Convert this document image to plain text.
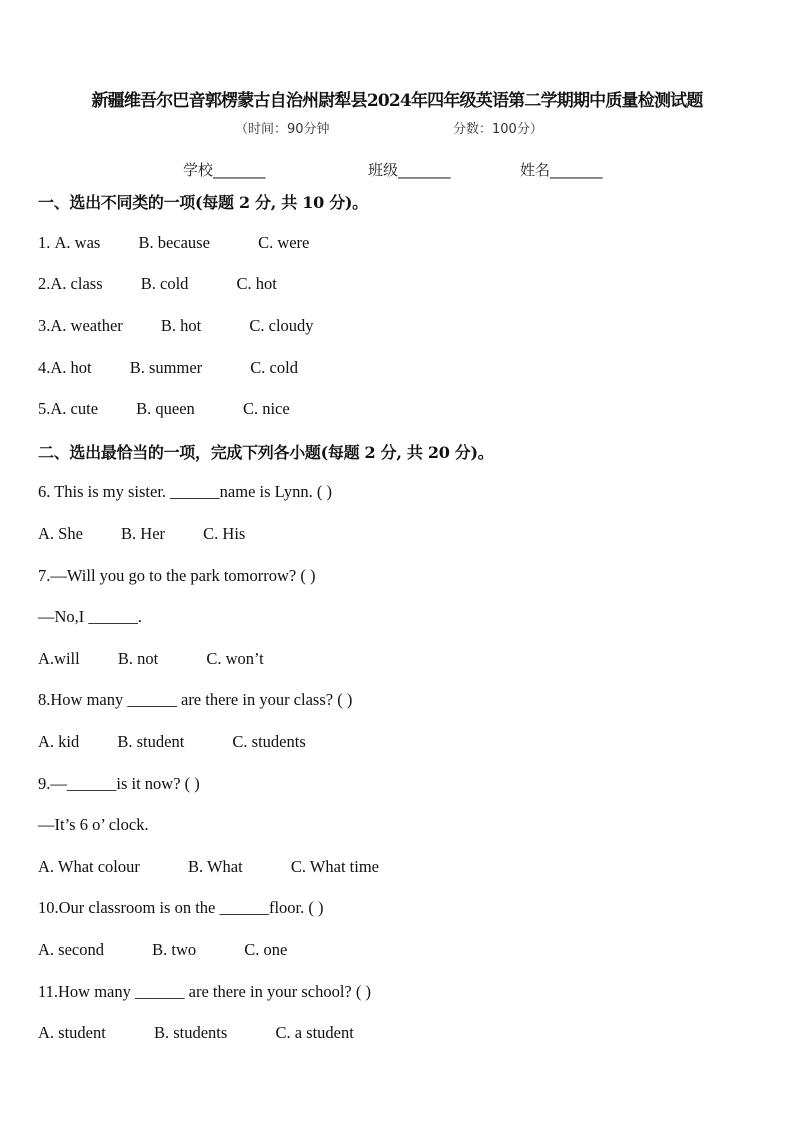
新疆维吾尔巴音郭楞蒙古自治州尉犁县2024年四年级英语第二学期期中质量检测试题
（时间：90分钟	分数：100分）
学校_______	班级_______	姓名_______
一、选出不同类的一项(每题 2 分, 共 10 分)。
1. A. was B. because	C. were
2.A. class B. cold	C. hot
3.A. weather B. hot	C. cloudy
4.A. hot B. summer	C. cold
5.A. cute B. queen	C. nice
二、选出最恰当的一项，完成下列各小题(每题 2 分, 共 20 分)。
6. This is my sister. ______name is Lynn. ( )
A. She B. Her C. His
7.—Will you go to the park tomorrow? ( )
—No,I ______.
A.will B. not	C. won’t
8.How many ______ are there in your class? ( )
A. kid B. student	C. students
9.—______is it now? ( )
—It’s 6 o’ clock.
A. What colour	B. What	C. What time
10.Our classroom is on the ______floor. ( )
A. second	B. two	C. one
11.How many ______ are there in your school? ( )
A. student	B. students	C. a student
